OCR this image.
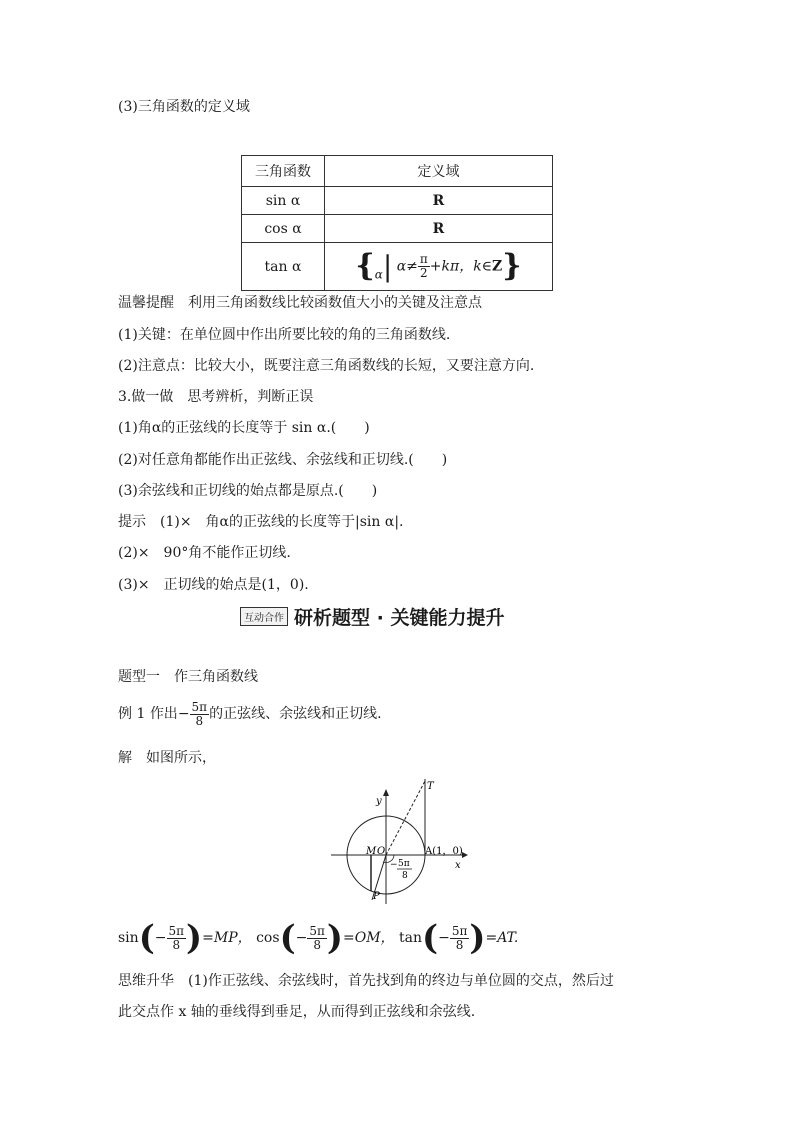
(3)三角函数的定义域
三角函数	定义域
sin α	R
cos α	R
tan α	{α| $\alpha\ne \frac{\pi}{2} +k\pi$，k∈Z}
温馨提醒　 利用三角函数线比较函数值大小的关键及注意点
(1)关键：在单位圆中作出所要比较的角的三角函数线.
(2)注意点：比较大小，既要注意三角函数线的长短，又要注意方向.
3.做一做　思考辨析，判断正误
(1)角α的正弦线的长度等于 sin α.(　　)
(2)对任意角都能作出正弦线、余弦线和正切线.(　　)
(3)余弦线和正切线的始点都是原点.(　　)
提示　 (1)×　角α的正弦线的长度等于|sin α|.
(2)×　90°角不能作正切线.
(3)×　正切线的始点是(1，0).
互动合作 研析题型 · 关键能力提升
题型一　作三角函数线
例 1 作出− $\frac{5\pi}{8}$ 的正弦线、余弦线和正切线.
解　如图所示，
y
x
T
M O	A(1，0)
P
− 5π
8
$\sin(- \frac{5\pi}{8} )=MP$， $\cos(- \frac{5\pi}{8} )=OM$， $\tan(- \frac{5\pi}{8} )=AT$.
思维升华　 (1)作正弦线、余弦线时，首先找到角的终边与单位圆的交点，然后过
此交点作 x 轴的垂线得到垂足，从而得到正弦线和余弦线.
